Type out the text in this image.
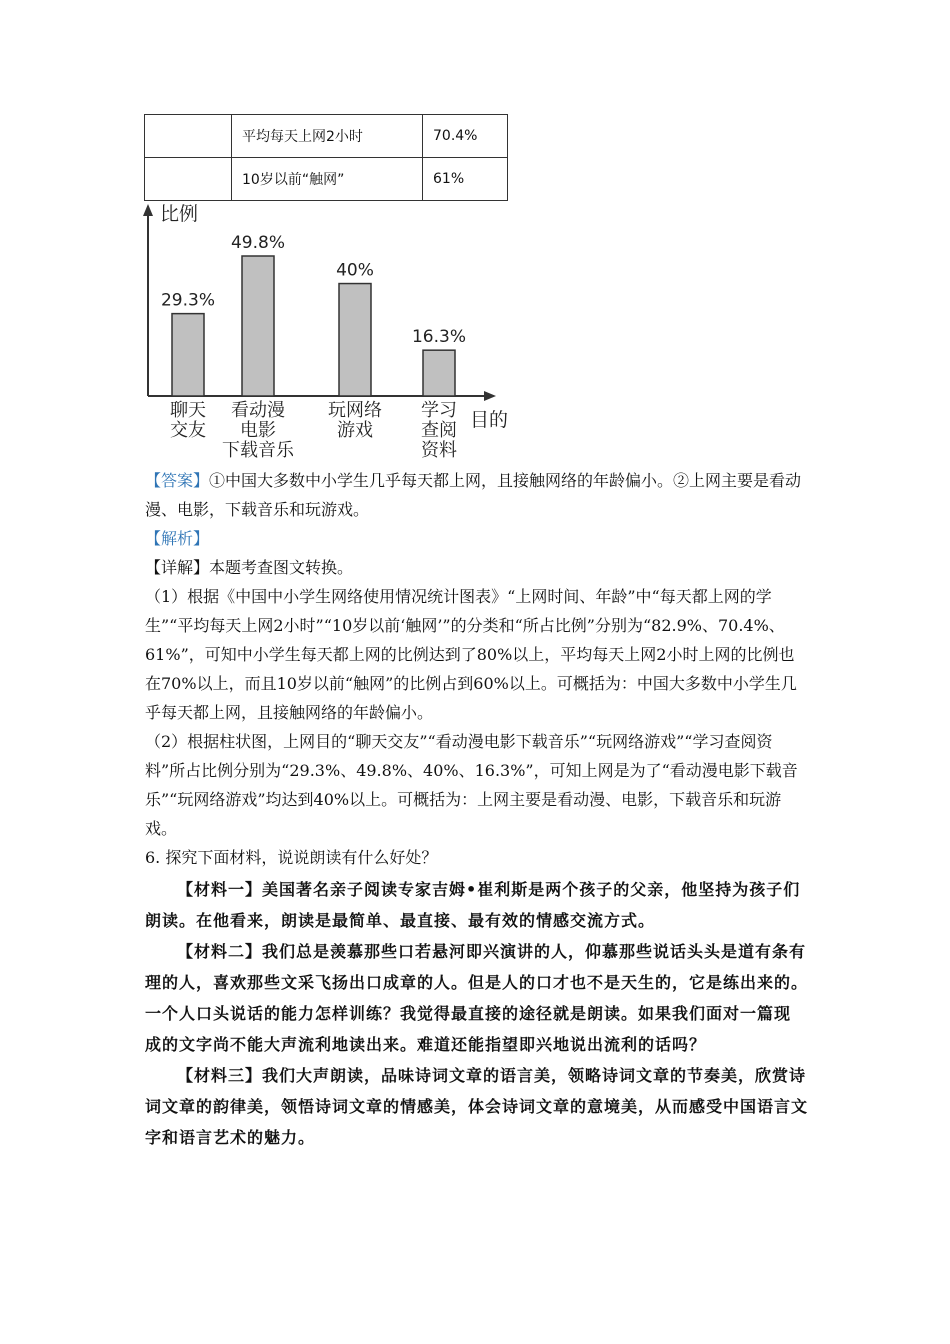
	平均每天上网2小时	70.4%
	10岁以前“触网”	61%
比例
目的
29.3%
聊天
交友
49.8%
看动漫
电影
下载音乐
40%
玩网络
游戏
16.3%
学习
查阅
资料

【答案】①中国大多数中小学生几乎每天都上网，且接触网络的年龄偏小。②上网主要是看动漫、电影，下载音乐和玩游戏。

【解析】

【详解】本题考查图文转换。

（1）根据《中国中小学生网络使用情况统计图表》“上网时间、年龄”中“每天都上网的学生”“平均每天上网2小时”“10岁以前‘触网’”的分类和“所占比例”分别为“82.9%、70.4%、61%”，可知中小学生每天都上网的比例达到了80%以上，平均每天上网2小时上网的比例也在70%以上，而且10岁以前“触网”的比例占到60%以上。可概括为：中国大多数中小学生几乎每天都上网，且接触网络的年龄偏小。

（2）根据柱状图，上网目的“聊天交友”“看动漫电影下载音乐”“玩网络游戏”“学习查阅资料”所占比例分别为“29.3%、49.8%、40%、16.3%”，可知上网是为了“看动漫电影下载音乐”“玩网络游戏”均达到40%以上。可概括为：上网主要是看动漫、电影，下载音乐和玩游戏。

6. 探究下面材料，说说朗读有什么好处？

【材料一】美国著名亲子阅读专家吉姆•崔利斯是两个孩子的父亲，他坚持为孩子们朗读。在他看来，朗读是最简单、最直接、最有效的情感交流方式。

【材料二】我们总是羡慕那些口若悬河即兴演讲的人，仰慕那些说话头头是道有条有理的人，喜欢那些文采飞扬出口成章的人。但是人的口才也不是天生的，它是练出来的。一个人口头说话的能力怎样训练？我觉得最直接的途径就是朗读。如果我们面对一篇现 成的文字尚不能大声流利地读出来。难道还能指望即兴地说出流利的话吗？

【材料三】我们大声朗读，品味诗词文章的语言美，领略诗词文章的节奏美，欣赏诗词文章的韵律美，领悟诗词文章的情感美，体会诗词文章的意境美，从而感受中国语言文字和语言艺术的魅力。
